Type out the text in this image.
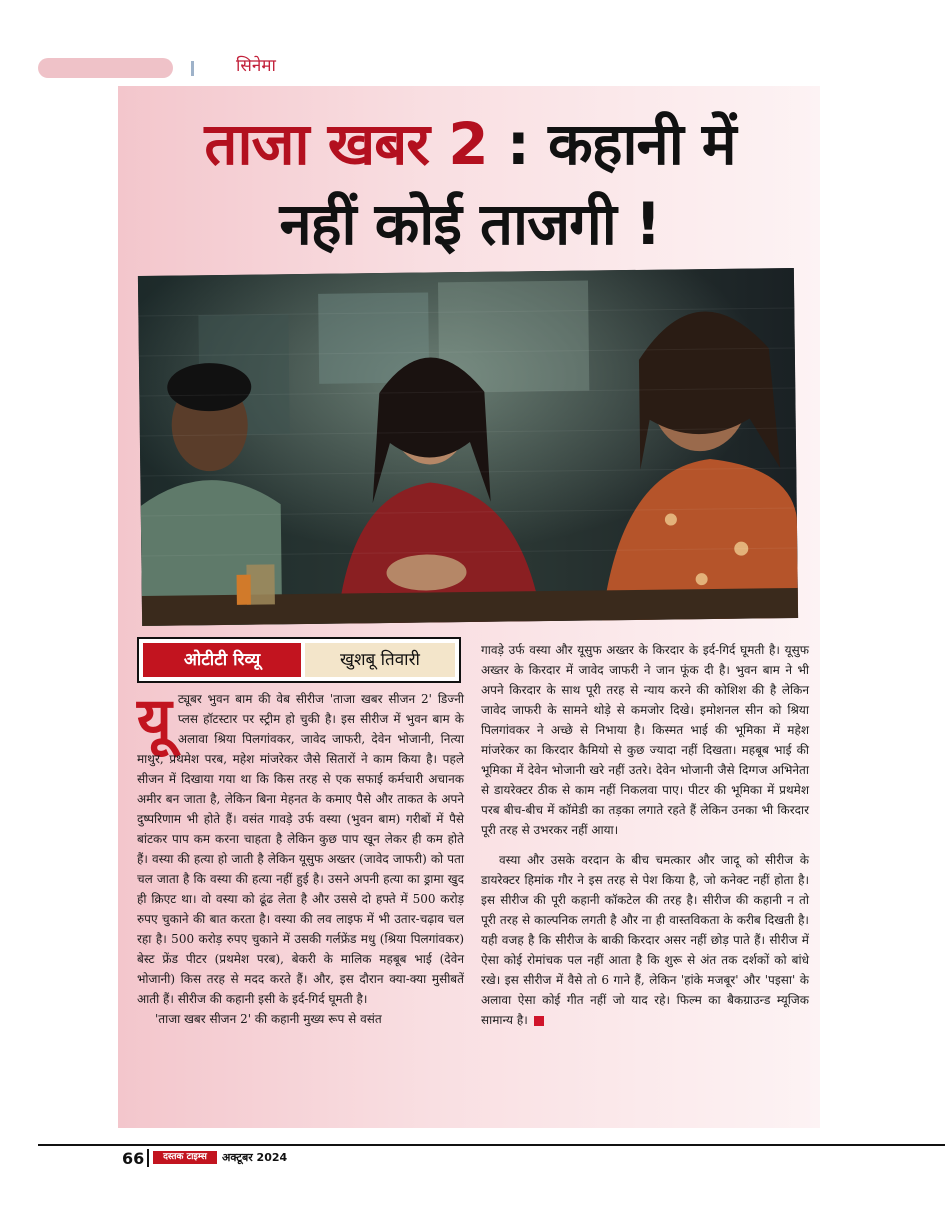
सिनेमा
ताजा खबर 2 : कहानी में
नहीं कोई ताजगी !
ओटीटी रिव्यू	खुशबू तिवारी

यूट्यूबर भुवन बाम की वेब सीरीज 'ताजा खबर सीजन 2' डिज्नी प्लस हॉटस्टार पर स्ट्रीम हो चुकी है। इस सीरीज में भुवन बाम के अलावा श्रिया पिलगांवकर, जावेद जाफरी, देवेन भोजानी, नित्या माथुर, प्रथमेश परब, महेश मांजरेकर जैसे सितारों ने काम किया है। पहले सीजन में दिखाया गया था कि किस तरह से एक सफाई कर्मचारी अचानक अमीर बन जाता है, लेकिन बिना मेहनत के कमाए पैसे और ताकत के अपने दुष्परिणाम भी होते हैं। वसंत गावड़े उर्फ वस्या (भुवन बाम) गरीबों में पैसे बांटकर पाप कम करना चाहता है लेकिन कुछ पाप खून लेकर ही कम होते हैं। वस्या की हत्या हो जाती है लेकिन यूसुफ अख्तर (जावेद जाफरी) को पता चल जाता है कि वस्या की हत्या नहीं हुई है। उसने अपनी हत्या का ड्रामा खुद ही क्रिएट था। वो वस्या को ढूंढ लेता है और उससे दो हफ्ते में 500 करोड़ रुपए चुकाने की बात करता है। वस्या की लव लाइफ में भी उतार-चढ़ाव चल रहा है। 500 करोड़ रुपए चुकाने में उसकी गर्लफ्रेंड मधु (श्रिया पिलगांवकर) बेस्ट फ्रेंड पीटर (प्रथमेश परब), बेकरी के मालिक महबूब भाई (देवेन भोजानी) किस तरह से मदद करते हैं। और, इस दौरान क्या-क्या मुसीबतें आती हैं। सीरीज की कहानी इसी के इर्द-गिर्द घूमती है।

'ताजा खबर सीजन 2' की कहानी मुख्य रूप से वसंत

गावड़े उर्फ वस्या और यूसुफ अख्तर के किरदार के इर्द-गिर्द घूमती है। यूसुफ अख्तर के किरदार में जावेद जाफरी ने जान फूंक दी है। भुवन बाम ने भी अपने किरदार के साथ पूरी तरह से न्याय करने की कोशिश की है लेकिन जावेद जाफरी के सामने थोड़े से कमजोर दिखे। इमोशनल सीन को श्रिया पिलगांवकर ने अच्छे से निभाया है। किस्मत भाई की भूमिका में महेश मांजरेकर का किरदार कैमियो से कुछ ज्यादा नहीं दिखता। महबूब भाई की भूमिका में देवेन भोजानी खरे नहीं उतरे। देवेन भोजानी जैसे दिग्गज अभिनेता से डायरेक्टर ठीक से काम नहीं निकलवा पाए। पीटर की भूमिका में प्रथमेश परब बीच-बीच में कॉमेडी का तड़का लगाते रहते हैं लेकिन उनका भी किरदार पूरी तरह से उभरकर नहीं आया।

वस्या और उसके वरदान के बीच चमत्कार और जादू को सीरीज के डायरेक्टर हिमांक गौर ने इस तरह से पेश किया है, जो कनेक्ट नहीं होता है। इस सीरीज की पूरी कहानी कॉकटेल की तरह है। सीरीज की कहानी न तो पूरी तरह से काल्पनिक लगती है और ना ही वास्तविकता के करीब दिखती है। यही वजह है कि सीरीज के बाकी किरदार असर नहीं छोड़ पाते हैं। सीरीज में ऐसा कोई रोमांचक पल नहीं आता है कि शुरू से अंत तक दर्शकों को बांधे रखे। इस सीरीज में वैसे तो 6 गाने हैं, लेकिन 'हांके मजबूर' और 'पइसा' के अलावा ऐसा कोई गीत नहीं जो याद रहे। फिल्म का बैकग्राउन्ड म्यूजिक सामान्य है।

66	दस्तक टाइम्स	अक्टूबर 2024
